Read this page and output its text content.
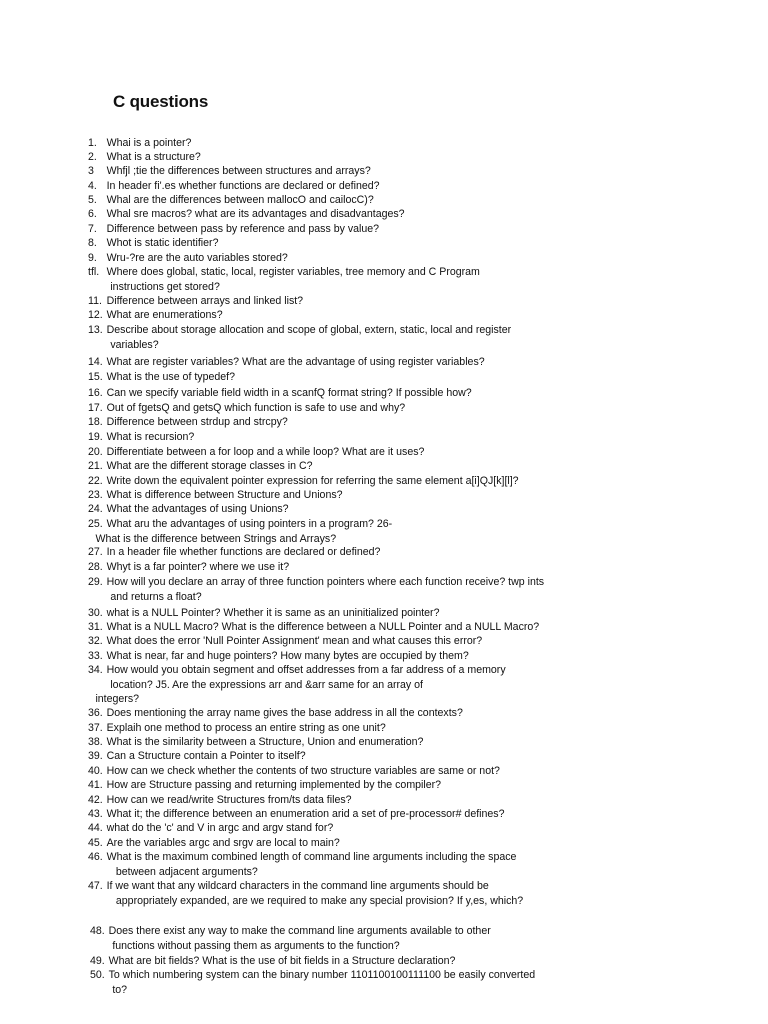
C questions
1. Whai is a pointer?
2. What is a structure?
3 Whfjl ;tie the differences between structures and arrays?
4. In header fi'.es whether functions are declared or defined?
5. Whal are the differences between mallocO and cailocC)?
6. Whal sre macros? what are its advantages and disadvantages?
7. Difference between pass by reference and pass by value?
8. Whot is static identifier?
9. Wru-?re are the auto variables stored?
tfl. Where does global, static, local, register variables, tree memory and C Program
instructions get stored?
11. Difference between arrays and linked list?
12. What are enumerations?
13. Describe about storage allocation and scope of global, extern, static, local and register
variables?
14. What are register variables? What are the advantage of using register variables?
15. What is the use of typedef?
16. Can we specify variable field width in a scanfQ format string? If possible how?
17. Out of fgetsQ and getsQ which function is safe to use and why?
18. Difference between strdup and strcpy?
19. What is recursion?
20. Differentiate between a for loop and a while loop? What are it uses?
21. What are the different storage classes in C?
22. Write down the equivalent pointer expression for referring the same element a[i]QJ[k][l]?
23. What is difference between Structure and Unions?
24. What the advantages of using Unions?
25. What aru the advantages of using pointers in a program? 26-
What is the difference between Strings and Arrays?
27. In a header file whether functions are declared or defined?
28. Whyt is a far pointer? where we use it?
29. How will you declare an array of three function pointers where each function receive? twp ints
and returns a float?
30. what is a NULL Pointer? Whether it is same as an uninitialized pointer?
31. What is a NULL Macro? What is the difference between a NULL Pointer and a NULL Macro?
32. What does the error 'Null Pointer Assignment' mean and what causes this error?
33. What is near, far and huge pointers? How many bytes are occupied by them?
34. How would you obtain segment and offset addresses from a far address of a memory
location? J5. Are the expressions arr and &arr same for an array of
integers?
36. Does mentioning the array name gives the base address in all the contexts?
37. Explaih one method to process an entire string as one unit?
38. What is the similarity between a Structure, Union and enumeration?
39. Can a Structure contain a Pointer to itself?
40. How can we check whether the contents of two structure variables are same or not?
41. How are Structure passing and returning implemented by the compiler?
42. How can we read/write Structures from/ts data files?
43. What it; the difference between an enumeration arid a set of pre-processor# defines?
44. what do the 'c' and V in argc and argv stand for?
45. Are the variables argc and srgv are local to main?
46. What is the maximum combined length of command line arguments including the space
between adjacent arguments?
47. If we want that any wildcard characters in the command line arguments should be
appropriately expanded, are we required to make any special provision? If y,es, which?
48. Does there exist any way to make the command line arguments available to other
functions without passing them as arguments to the function?
49. What are bit fields? What is the use of bit fields in a Structure declaration?
50. To which numbering system can the binary number 1101100100111100 be easily converted
to?
